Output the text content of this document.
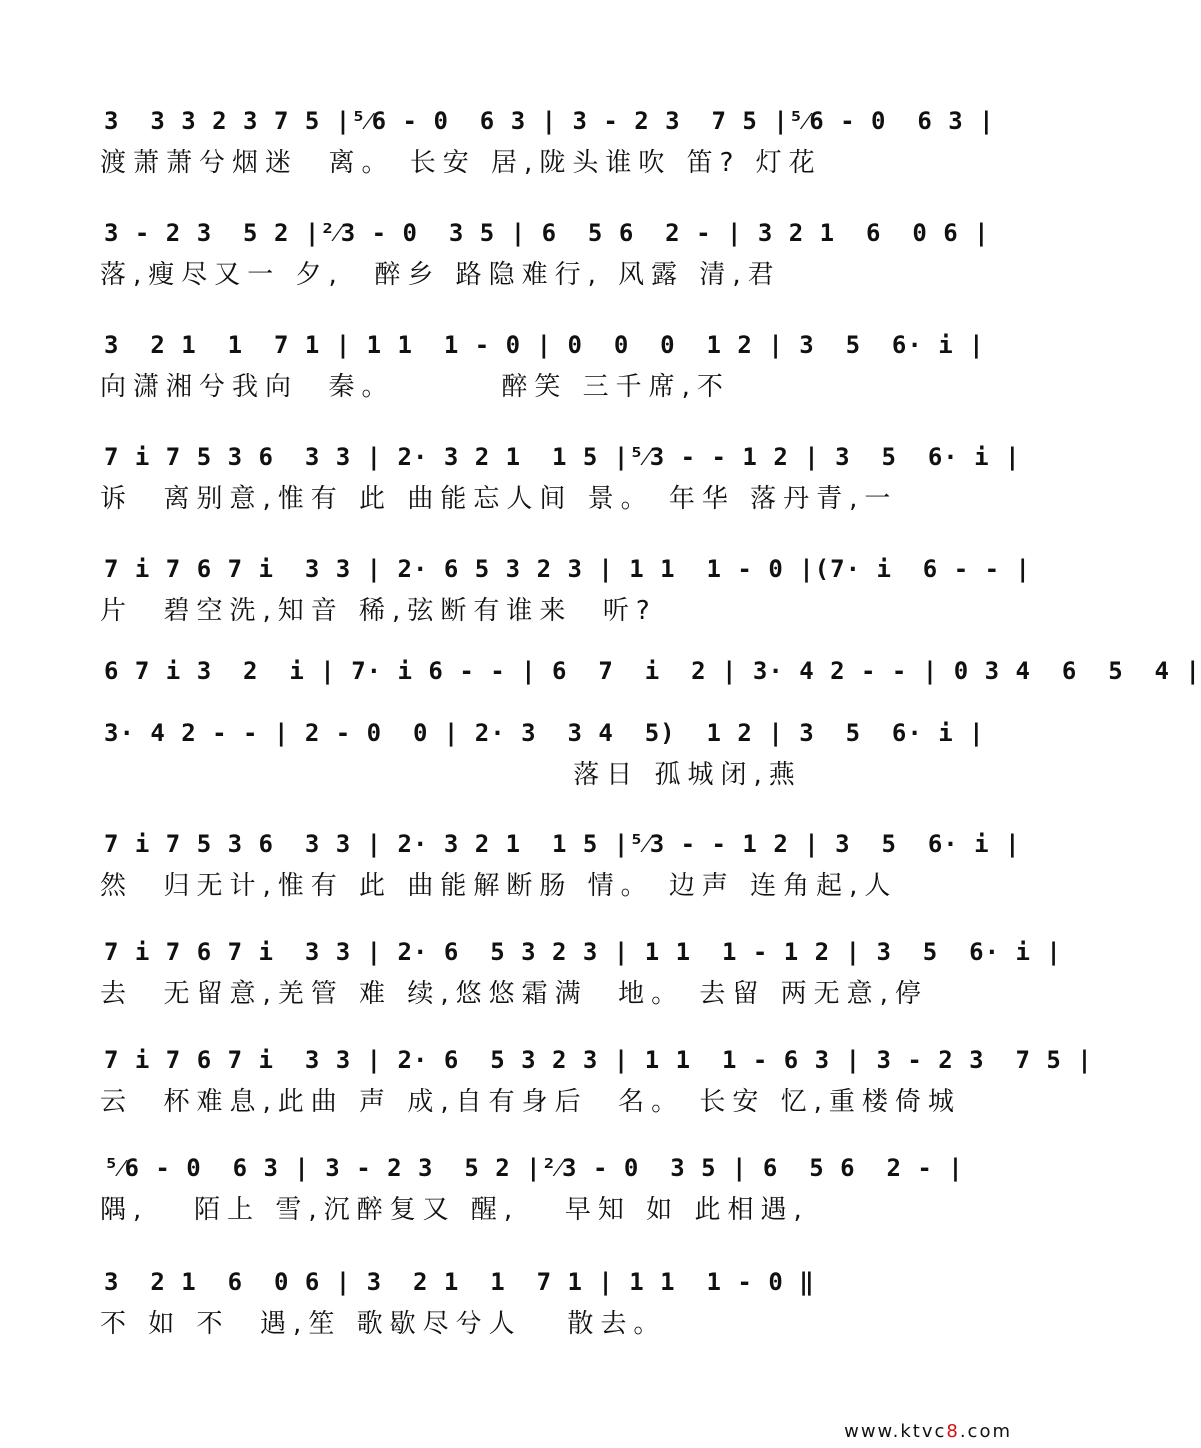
3  3 3 2 3 7 5 |⁵⁄6 - 0  6 3 | 3 - 2 3  7 5 |⁵⁄6 - 0  6 3 |
渡萧萧兮烟迷  离。 长安 居,陇头谁吹 笛? 灯花
3 - 2 3  5 2 |²⁄3 - 0  3 5 | 6  5 6  2 - | 3 2 1  6  0 6 |
落,瘦尽又一 夕,  醉乡 路隐难行, 风露 清,君
3  2 1  1  7 1 | 1 1  1 - 0 | 0  0  0  1 2 | 3  5  6· i |
向潇湘兮我向  秦。       醉笑 三千席,不
7 i 7 5 3 6  3 3 | 2· 3 2 1  1 5 |⁵⁄3 - - 1 2 | 3  5  6· i |
诉  离别意,惟有 此 曲能忘人间 景。 年华 落丹青,一
7 i 7 6 7 i  3 3 | 2· 6 5 3 2 3 | 1 1  1 - 0 |(7· i  6 - - |
片  碧空洗,知音 稀,弦断有谁来  听?
6 7 i 3  2  i | 7· i 6 - - | 6  7  i  2 | 3· 4 2 - - | 0 3 4  6  5  4 |
3· 4 2 - - | 2 - 0  0 | 2· 3  3 4  5)  1 2 | 3  5  6· i |
落日 孤城闭,燕
7 i 7 5 3 6  3 3 | 2· 3 2 1  1 5 |⁵⁄3 - - 1 2 | 3  5  6· i |
然  归无计,惟有 此 曲能解断肠 情。 边声 连角起,人
7 i 7 6 7 i  3 3 | 2· 6  5 3 2 3 | 1 1  1 - 1 2 | 3  5  6· i |
去  无留意,羌管 难 续,悠悠霜满  地。 去留 两无意,停
7 i 7 6 7 i  3 3 | 2· 6  5 3 2 3 | 1 1  1 - 6 3 | 3 - 2 3  7 5 |
云  杯难息,此曲 声 成,自有身后  名。 长安 忆,重楼倚城
⁵⁄6 - 0  6 3 | 3 - 2 3  5 2 |²⁄3 - 0  3 5 | 6  5 6  2 - |
隅,   陌上 雪,沉醉复又 醒,   早知 如 此相遇,
3  2 1  6  0 6 | 3  2 1  1  7 1 | 1 1  1 - 0 ‖
不 如 不  遇,笙 歌歇尽兮人   散去。
www.ktvc8.com
